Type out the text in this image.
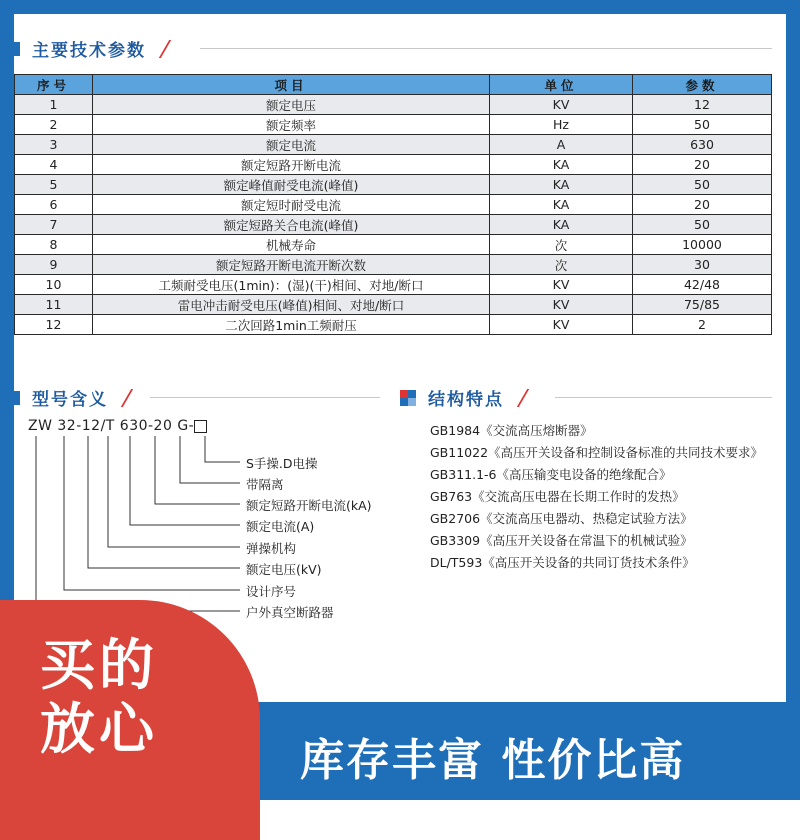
主要技术参数
序号	项目	单位	参数
1	额定电压	KV	12
2	额定频率	Hz	50
3	额定电流	A	630
4	额定短路开断电流	KA	20
5	额定峰值耐受电流(峰值)	KA	50
6	额定短时耐受电流	KA	20
7	额定短路关合电流(峰值)	KA	50
8	机械寿命	次	10000
9	额定短路开断电流开断次数	次	30
10	工频耐受电压(1min)：(湿)(干)相间、对地/断口	KV	42/48
11	雷电冲击耐受电压(峰值)相间、对地/断口	KV	75/85
12	二次回路1min工频耐压	KV	2
型号含义
ZW 32-12/T 630-20 G-
S手操.D电操
带隔离
额定短路开断电流(kA)
额定电流(A)
弹操机构
额定电压(kV)
设计序号
户外真空断路器
结构特点
GB1984《交流高压熔断器》
GB11022《高压开关设备和控制设备标准的共同技术要求》
GB311.1-6《高压输变电设备的绝缘配合》
GB763《交流高压电器在长期工作时的发热》
GB2706《交流高压电器动、热稳定试验方法》
GB3309《高压开关设备在常温下的机械试验》
DL/T593《高压开关设备的共同订货技术条件》
买的
放心	库存丰富 性价比高
